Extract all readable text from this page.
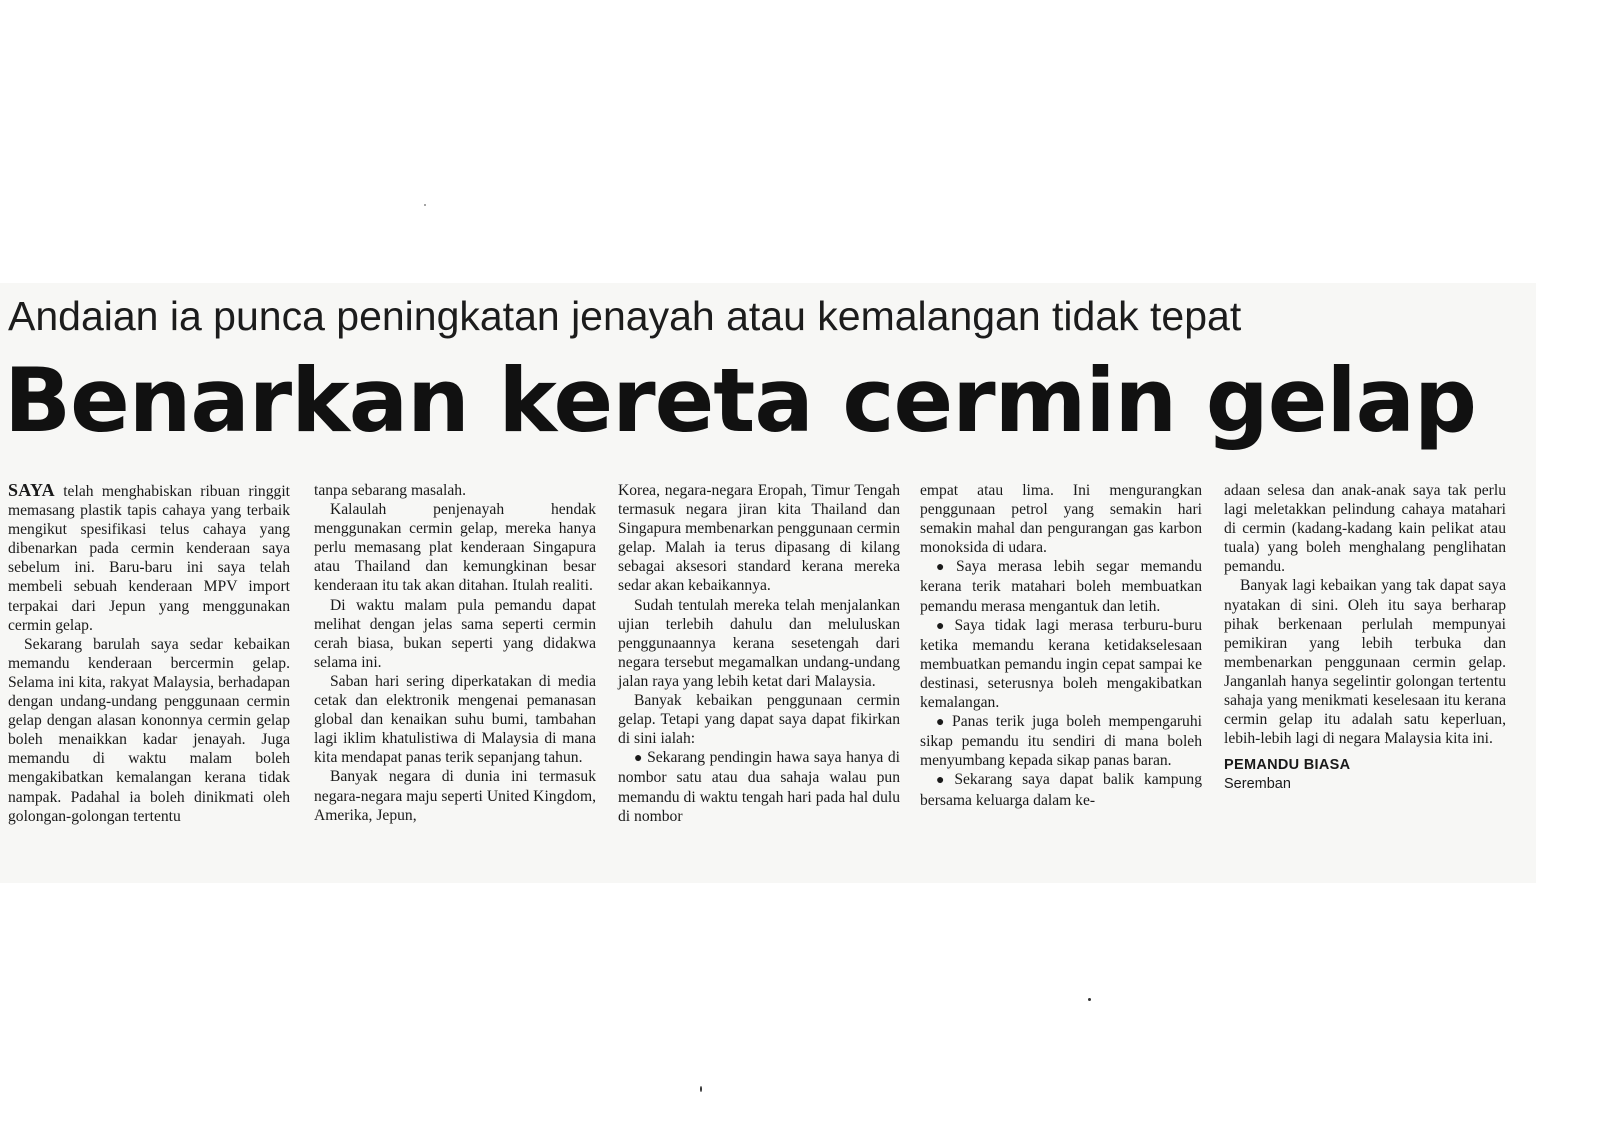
Andaian ia punca peningkatan jenayah atau kemalangan tidak tepat
Benarkan kereta cermin gelap

SAYA telah menghabiskan ribuan ringgit memasang plastik tapis cahaya yang terbaik mengikut spesifikasi telus cahaya yang dibenarkan pada cermin kenderaan saya sebelum ini. Baru-baru ini saya telah membeli sebuah kenderaan MPV import terpakai dari Jepun yang menggunakan cermin gelap.

Sekarang barulah saya sedar kebaikan memandu kenderaan bercermin gelap. Selama ini kita, rakyat Malaysia, berhadapan dengan undang-undang penggunaan cermin gelap dengan alasan kononnya cermin gelap boleh menaikkan kadar jenayah. Juga memandu di waktu malam boleh mengakibatkan kemalangan kerana tidak nampak. Padahal ia boleh dinikmati oleh golongan-golongan tertentu

tanpa sebarang masalah.

Kalaulah penjenayah hendak menggunakan cermin gelap, mereka hanya perlu memasang plat kenderaan Singapura atau Thailand dan kemungkinan besar kenderaan itu tak akan ditahan. Itulah realiti.

Di waktu malam pula pemandu dapat melihat dengan jelas sama seperti cermin cerah biasa, bukan seperti yang didakwa selama ini.

Saban hari sering diperkatakan di media cetak dan elektronik mengenai pemanasan global dan kenaikan suhu bumi, tambahan lagi iklim khatulistiwa di Malaysia di mana kita mendapat panas terik sepanjang tahun.

Banyak negara di dunia ini termasuk negara-negara maju seperti United Kingdom, Amerika, Jepun,

Korea, negara-negara Eropah, Timur Tengah termasuk negara jiran kita Thailand dan Singapura membenarkan penggunaan cermin gelap. Malah ia terus dipasang di kilang sebagai aksesori standard kerana mereka sedar akan kebaikannya.

Sudah tentulah mereka telah menjalankan ujian terlebih dahulu dan meluluskan penggunaannya kerana sesetengah dari negara tersebut megamalkan undang-undang jalan raya yang lebih ketat dari Malaysia.

Banyak kebaikan penggunaan cermin gelap. Tetapi yang dapat saya dapat fikirkan di sini ialah:

● Sekarang pendingin hawa saya hanya di nombor satu atau dua sahaja walau pun memandu di waktu tengah hari pada hal dulu di nombor

empat atau lima. Ini mengurangkan penggunaan petrol yang semakin hari semakin mahal dan pengurangan gas karbon monoksida di udara.

● Saya merasa lebih segar memandu kerana terik matahari boleh membuatkan pemandu merasa mengantuk dan letih.

● Saya tidak lagi merasa terburu-buru ketika memandu kerana ketidakselesaan membuatkan pemandu ingin cepat sampai ke destinasi, seterusnya boleh mengakibatkan kemalangan.

● Panas terik juga boleh mempengaruhi sikap pemandu itu sendiri di mana boleh menyumbang kepada sikap panas baran.

● Sekarang saya dapat balik kampung bersama keluarga dalam ke-

adaan selesa dan anak-anak saya tak perlu lagi meletakkan pelindung cahaya matahari di cermin (kadang-kadang kain pelikat atau tuala) yang boleh menghalang penglihatan pemandu.

Banyak lagi kebaikan yang tak dapat saya nyatakan di sini. Oleh itu saya berharap pihak berkenaan perlulah mempunyai pemikiran yang lebih terbuka dan membenarkan penggunaan cermin gelap. Janganlah hanya segelintir golongan tertentu sahaja yang menikmati keselesaan itu kerana cermin gelap itu adalah satu keperluan, lebih-lebih lagi di negara Malaysia kita ini.

PEMANDU BIASA
Seremban
